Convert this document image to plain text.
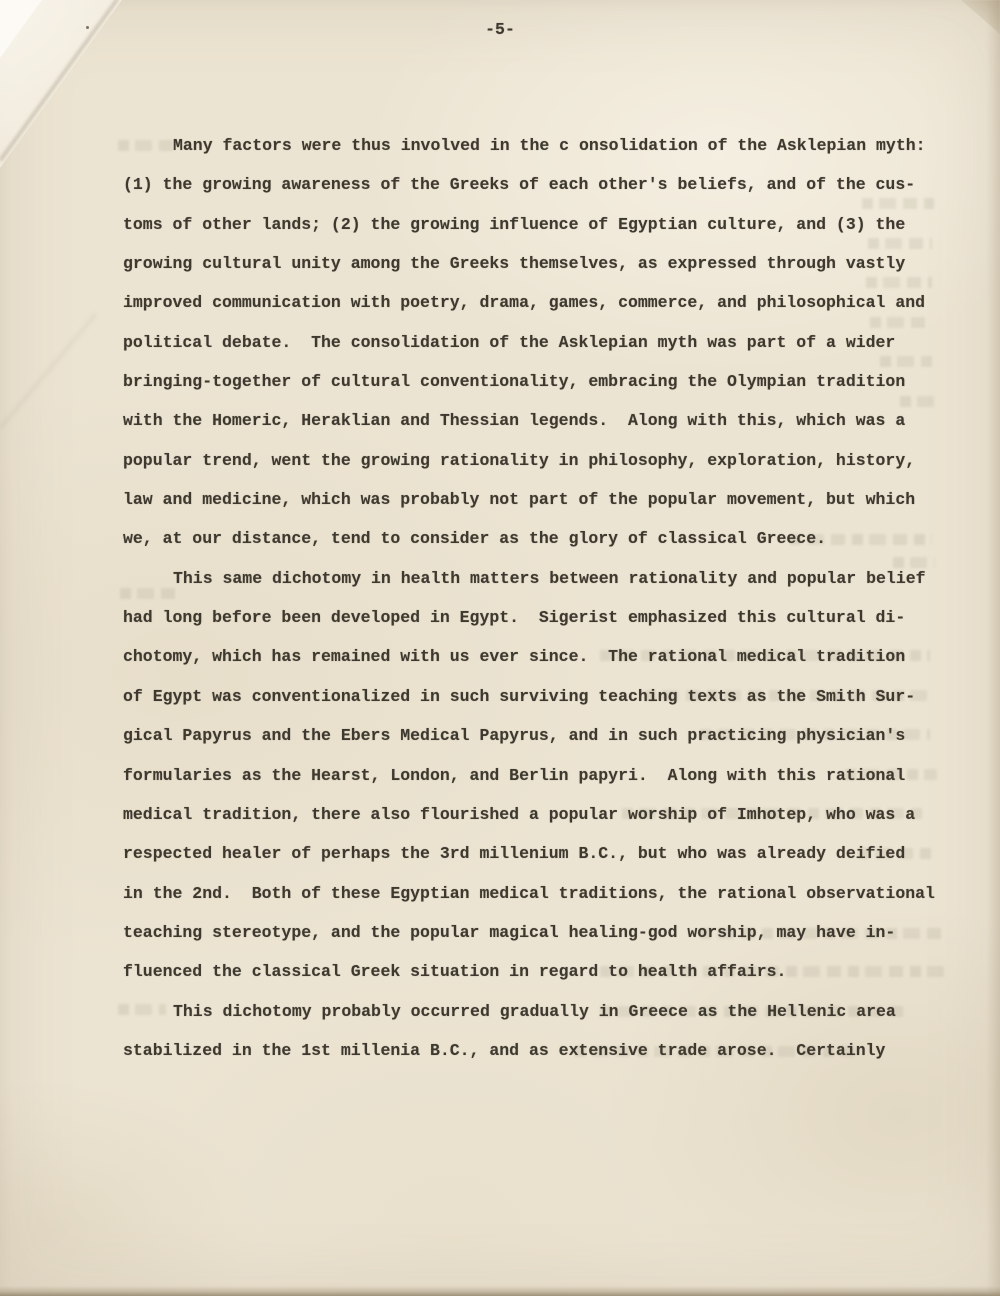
-5-
Many factors were thus involved in the c onsolidation of the Asklepian myth:
(1) the growing awareness of the Greeks of each other's beliefs, and of the cus-
toms of other lands; (2) the growing influence of Egyptian culture, and (3) the
growing cultural unity among the Greeks themselves, as expressed through vastly
improved communication with poetry, drama, games, commerce, and philosophical and
political debate.  The consolidation of the Asklepian myth was part of a wider
bringing-together of cultural conventionality, embracing the Olympian tradition
with the Homeric, Heraklian and Thessian legends.  Along with this, which was a
popular trend, went the growing rationality in philosophy, exploration, history,
law and medicine, which was probably not part of the popular movement, but which
we, at our distance, tend to consider as the glory of classical Greece.
This same dichotomy in health matters between rationality and popular belief
had long before been developed in Egypt.  Sigerist emphasized this cultural di-
chotomy, which has remained with us ever since.  The rational medical tradition
of Egypt was conventionalized in such surviving teaching texts as the Smith Sur-
gical Papyrus and the Ebers Medical Papyrus, and in such practicing physician's
formularies as the Hearst, London, and Berlin papyri.  Along with this rational
medical tradition, there also flourished a popular worship of Imhotep, who was a
respected healer of perhaps the 3rd millenium B.C., but who was already deified
in the 2nd.  Both of these Egyptian medical traditions, the rational observational
teaching stereotype, and the popular magical healing-god worship, may have in-
fluenced the classical Greek situation in regard to health affairs.
This dichotomy probably occurred gradually in Greece as the Hellenic area
stabilized in the 1st millenia B.C., and as extensive trade arose.  Certainly
